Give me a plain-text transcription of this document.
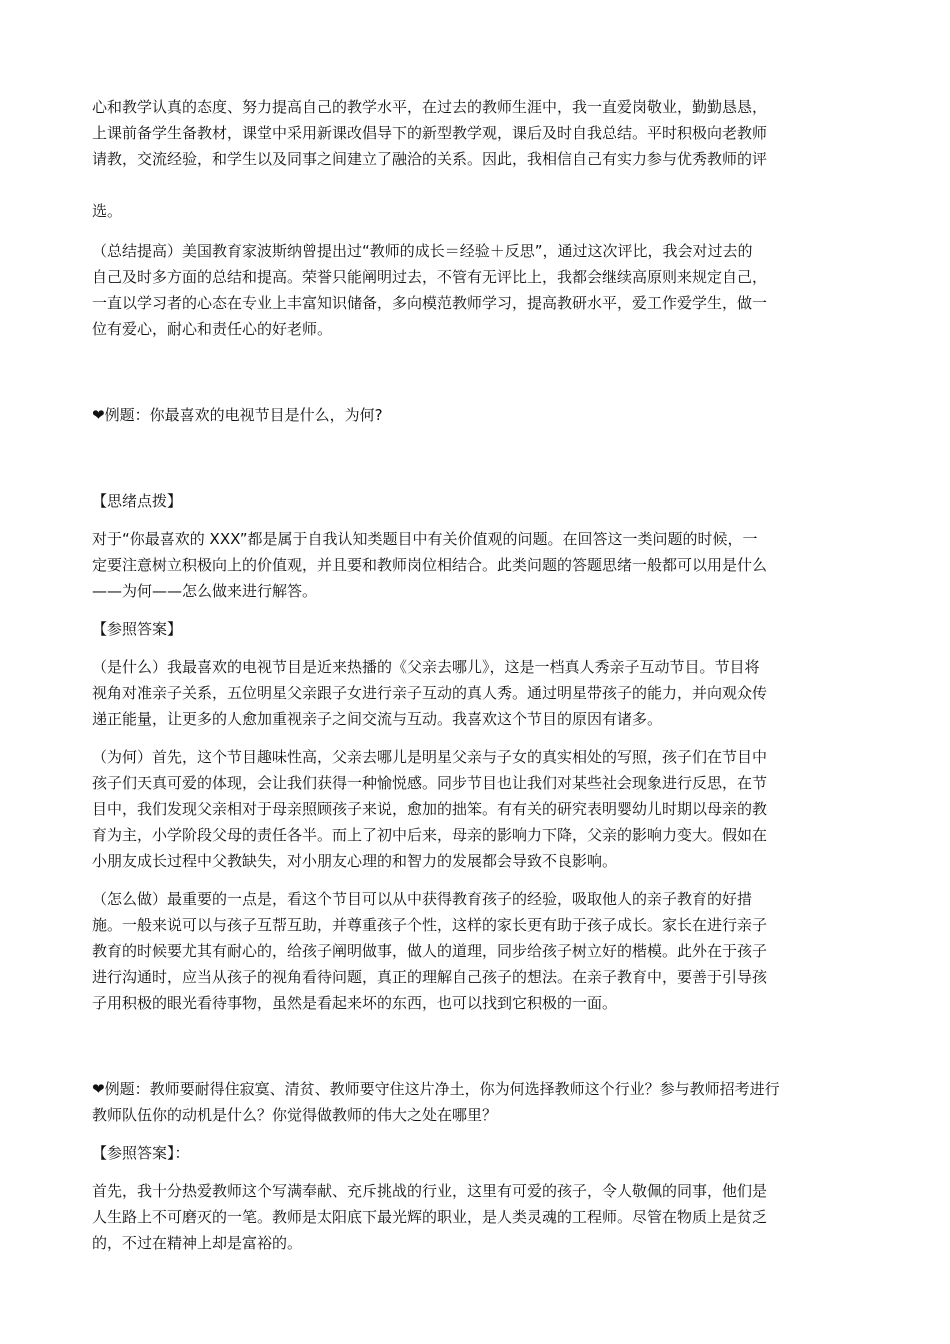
心和教学认真的态度、努力提高自己的教学水平，在过去的教师生涯中，我一直爱岗敬业，勤勤恳恳，
上课前备学生备教材，课堂中采用新课改倡导下的新型教学观，课后及时自我总结。平时积极向老教师
请教，交流经验，和学生以及同事之间建立了融洽的关系。因此，我相信自己有实力参与优秀教师的评

选。

（总结提高）美国教育家波斯纳曾提出过“教师的成长＝经验＋反思”，通过这次评比，我会对过去的
自己及时多方面的总结和提高。荣誉只能阐明过去，不管有无评比上，我都会继续高原则来规定自己，
一直以学习者的心态在专业上丰富知识储备，多向模范教师学习，提高教研水平，爱工作爱学生，做一
位有爱心，耐心和责任心的好老师。

❤例题：你最喜欢的电视节目是什么，为何?

【思绪点拨】

对于“你最喜欢的 XXX”都是属于自我认知类题目中有关价值观的问题。在回答这一类问题的时候，一
定要注意树立积极向上的价值观，并且要和教师岗位相结合。此类问题的答题思绪一般都可以用是什么
——为何——怎么做来进行解答。

【参照答案】

（是什么）我最喜欢的电视节目是近来热播的《父亲去哪儿》，这是一档真人秀亲子互动节目。节目将
视角对准亲子关系，五位明星父亲跟子女进行亲子互动的真人秀。通过明星带孩子的能力，并向观众传
递正能量，让更多的人愈加重视亲子之间交流与互动。我喜欢这个节目的原因有诸多。

（为何）首先，这个节目趣味性高，父亲去哪儿是明星父亲与子女的真实相处的写照，孩子们在节目中
孩子们天真可爱的体现，会让我们获得一种愉悦感。同步节目也让我们对某些社会现象进行反思，在节
目中，我们发现父亲相对于母亲照顾孩子来说，愈加的拙笨。有有关的研究表明婴幼儿时期以母亲的教
育为主，小学阶段父母的责任各半。而上了初中后来，母亲的影响力下降，父亲的影响力变大。假如在
小朋友成长过程中父教缺失，对小朋友心理的和智力的发展都会导致不良影响。

（怎么做）最重要的一点是，看这个节目可以从中获得教育孩子的经验，吸取他人的亲子教育的好措
施。一般来说可以与孩子互帮互助，并尊重孩子个性，这样的家长更有助于孩子成长。家长在进行亲子
教育的时候要尤其有耐心的，给孩子阐明做事，做人的道理，同步给孩子树立好的楷模。此外在于孩子
进行沟通时，应当从孩子的视角看待问题，真正的理解自己孩子的想法。在亲子教育中，要善于引导孩
子用积极的眼光看待事物，虽然是看起来坏的东西，也可以找到它积极的一面。

❤例题：教师要耐得住寂寞、清贫、教师要守住这片净土，你为何选择教师这个行业？参与教师招考进行
教师队伍你的动机是什么？你觉得做教师的伟大之处在哪里？

【参照答案】：

首先，我十分热爱教师这个写满奉献、充斥挑战的行业，这里有可爱的孩子，令人敬佩的同事，他们是
人生路上不可磨灭的一笔。教师是太阳底下最光辉的职业，是人类灵魂的工程师。尽管在物质上是贫乏
的，不过在精神上却是富裕的。
